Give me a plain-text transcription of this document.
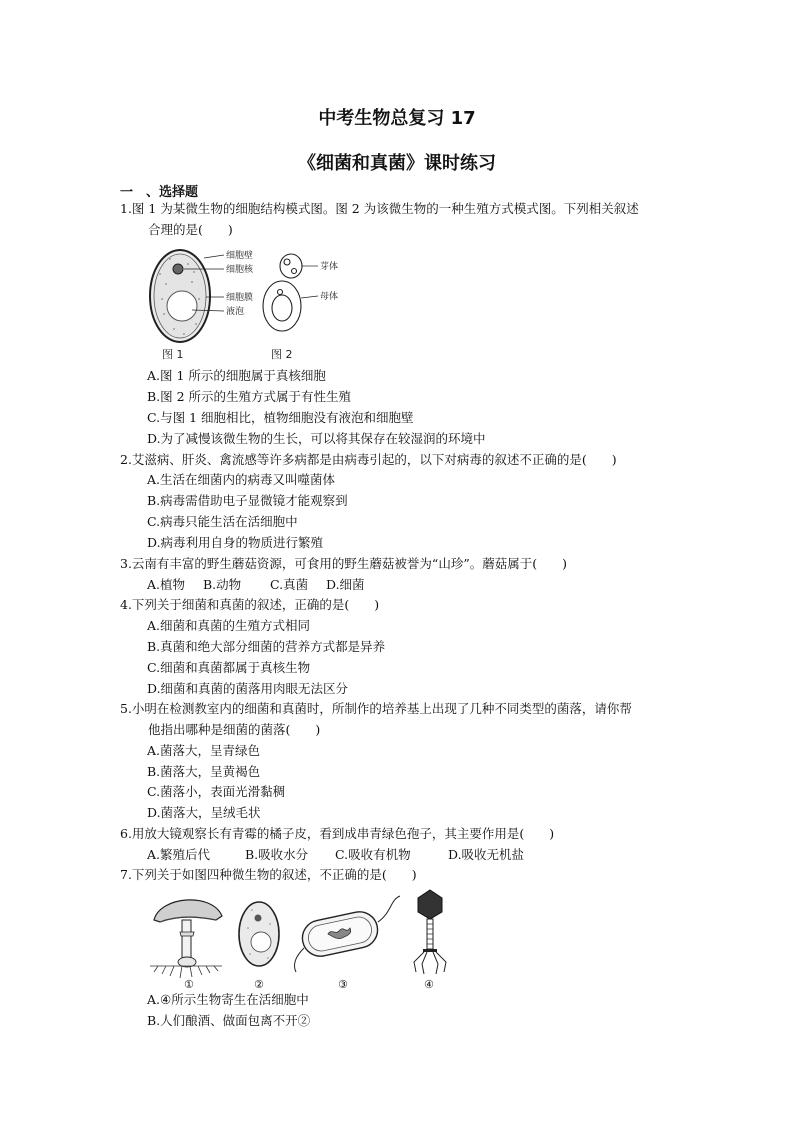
中考生物总复习 17
《细菌和真菌》课时练习
一　、选择题
1.图 1 为某微生物的细胞结构模式图。图 2 为该微生物的一种生殖方式模式图。下列相关叙述
合理的是(　　)
细胞壁
细胞核
细胞膜
液泡
芽体
母体
图 1	图 2
A.图 1 所示的细胞属于真核细胞
B.图 2 所示的生殖方式属于有性生殖
C.与图 1 细胞相比，植物细胞没有液泡和细胞壁
D.为了减慢该微生物的生长，可以将其保存在较湿润的环境中
2.艾滋病、肝炎、禽流感等许多病都是由病毒引起的，以下对病毒的叙述不正确的是(　　)
A.生活在细菌内的病毒又叫噬菌体
B.病毒需借助电子显微镜才能观察到
C.病毒只能生活在活细胞中
D.病毒利用自身的物质进行繁殖
3.云南有丰富的野生蘑菇资源，可食用的野生蘑菇被誉为“山珍”。蘑菇属于(　　)
A.植物 B.动物 C.真菌 D.细菌
4.下列关于细菌和真菌的叙述，正确的是(　　)
A.细菌和真菌的生殖方式相同
B.真菌和绝大部分细菌的营养方式都是异养
C.细菌和真菌都属于真核生物
D.细菌和真菌的菌落用肉眼无法区分
5.小明在检测教室内的细菌和真菌时，所制作的培养基上出现了几种不同类型的菌落，请你帮
他指出哪种是细菌的菌落(　　)
A.菌落大，呈青绿色
B.菌落大，呈黄褐色
C.菌落小，表面光滑黏稠
D.菌落大，呈绒毛状
6.用放大镜观察长有青霉的橘子皮，看到成串青绿色孢子，其主要作用是(　　)
A.繁殖后代	B.吸收水分 C.吸收有机物	D.吸收无机盐
7.下列关于如图四种微生物的叙述，不正确的是(　　)
①	②	③	④
A.④所示生物寄生在活细胞中
B.人们酿酒、做面包离不开②
